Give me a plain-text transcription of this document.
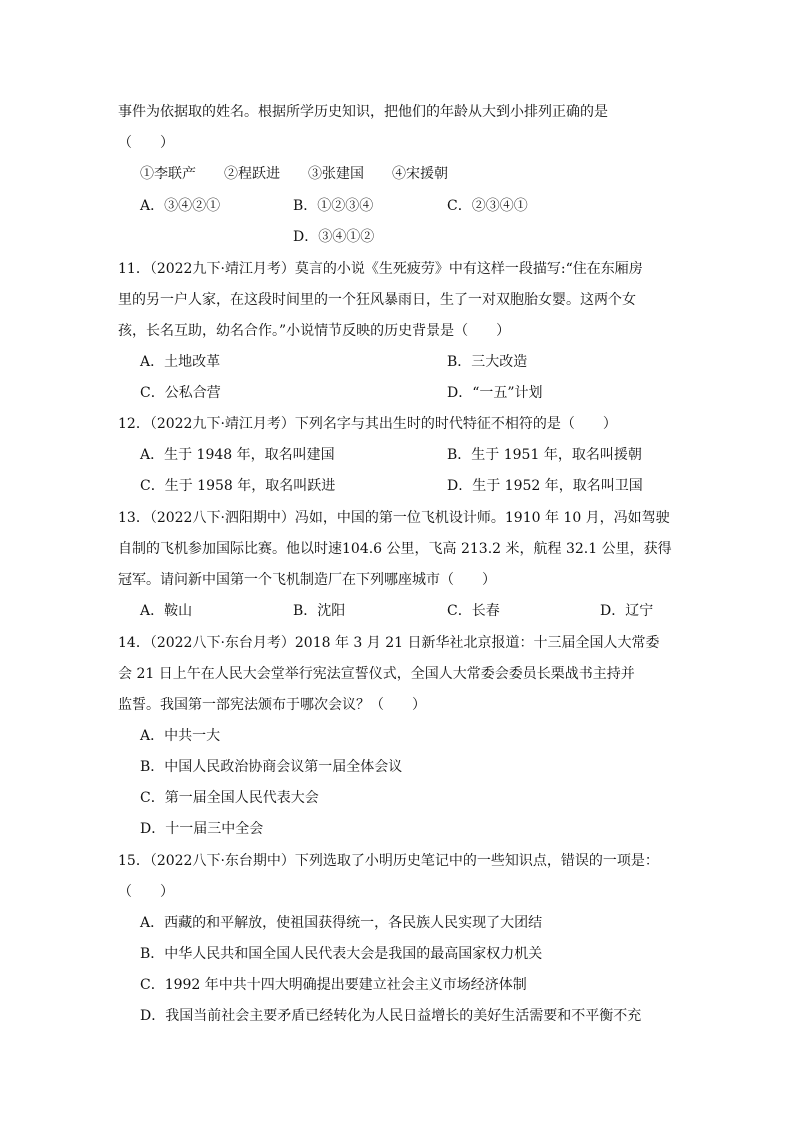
事件为依据取的姓名。根据所学历史知识，把他们的年龄从大到小排列正确的是
（　　）
①李联产　　②程跃进　　③张建国　　④宋援朝
A．③④②①	B．①②③④	C．②③④①
D．③④①②
11．（2022九下·靖江月考）莫言的小说《生死疲劳》中有这样一段描写:“住在东厢房
里的另一户人家，在这段时间里的一个狂风暴雨日，生了一对双胞胎女婴。这两个女
孩，长名互助，幼名合作。”小说情节反映的历史背景是（　　）
A．土地改革	B．三大改造
C．公私合营	D．“一五”计划
12．（2022九下·靖江月考）下列名字与其出生时的时代特征不相符的是（　　）
A．生于 1948 年，取名叫建国	B．生于 1951 年，取名叫援朝
C．生于 1958 年，取名叫跃进	D．生于 1952 年，取名叫卫国
13．（2022八下·泗阳期中）冯如，中国的第一位飞机设计师。1910 年 10 月，冯如驾驶
自制的飞机参加国际比赛。他以时速104.6 公里，飞高 213.2 米，航程 32.1 公里，获得
冠军。请问新中国第一个飞机制造厂在下列哪座城市（　　）
A．鞍山	B．沈阳	C．长春	D．辽宁
14．（2022八下·东台月考）2018 年 3 月 21 日新华社北京报道：十三届全国人大常委
会 21 日上午在人民大会堂举行宪法宣誓仪式，全国人大常委会委员长栗战书主持并
监誓。我国第一部宪法颁布于哪次会议？（　　）
A．中共一大
B．中国人民政治协商会议第一届全体会议
C．第一届全国人民代表大会
D．十一届三中全会
15．（2022八下·东台期中）下列选取了小明历史笔记中的一些知识点，错误的一项是：
（　　）
A．西藏的和平解放，使祖国获得统一，各民族人民实现了大团结
B．中华人民共和国全国人民代表大会是我国的最高国家权力机关
C．1992 年中共十四大明确提出要建立社会主义市场经济体制
D．我国当前社会主要矛盾已经转化为人民日益增长的美好生活需要和不平衡不充
